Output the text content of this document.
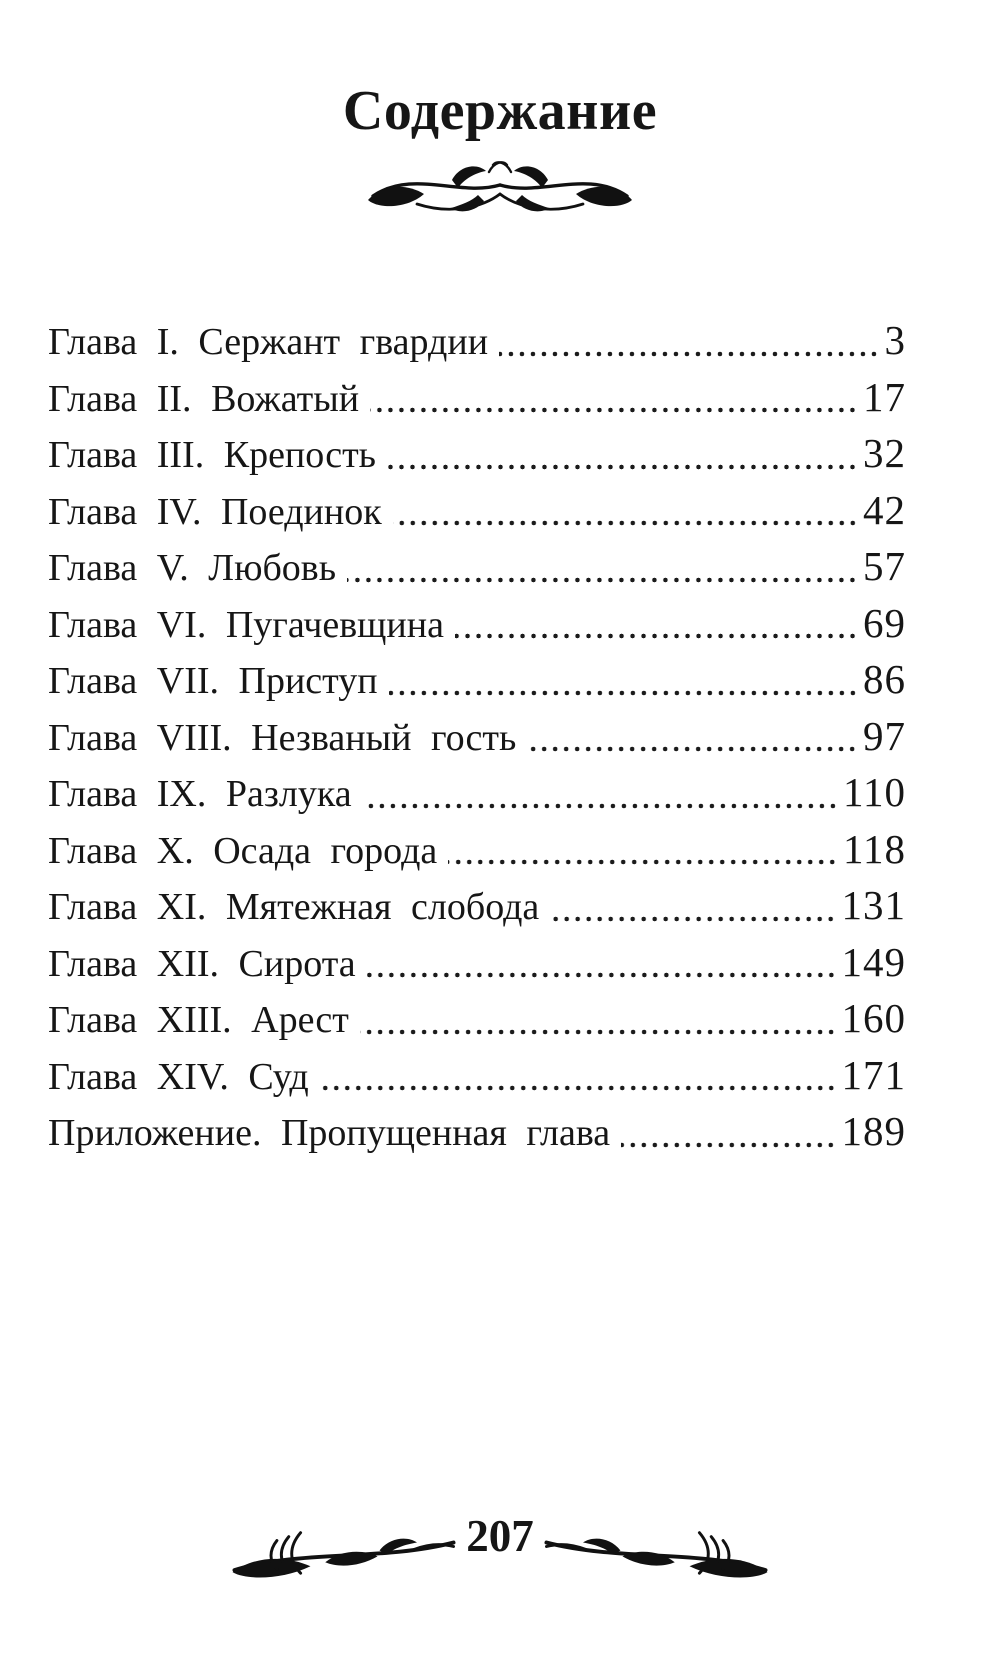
Содержание
Глава I. Сержант гвардии	3
Глава II. Вожатый	17
Глава III. Крепость	32
Глава IV. Поединок	42
Глава V. Любовь	57
Глава VI. Пугачевщина	69
Глава VII. Приступ	86
Глава VIII. Незваный гость	97
Глава IX. Разлука	110
Глава X. Осада города	118
Глава XI. Мятежная слобода	131
Глава XII. Сирота	149
Глава XIII. Арест	160
Глава XIV. Суд	171
Приложение. Пропущенная глава	189
207
